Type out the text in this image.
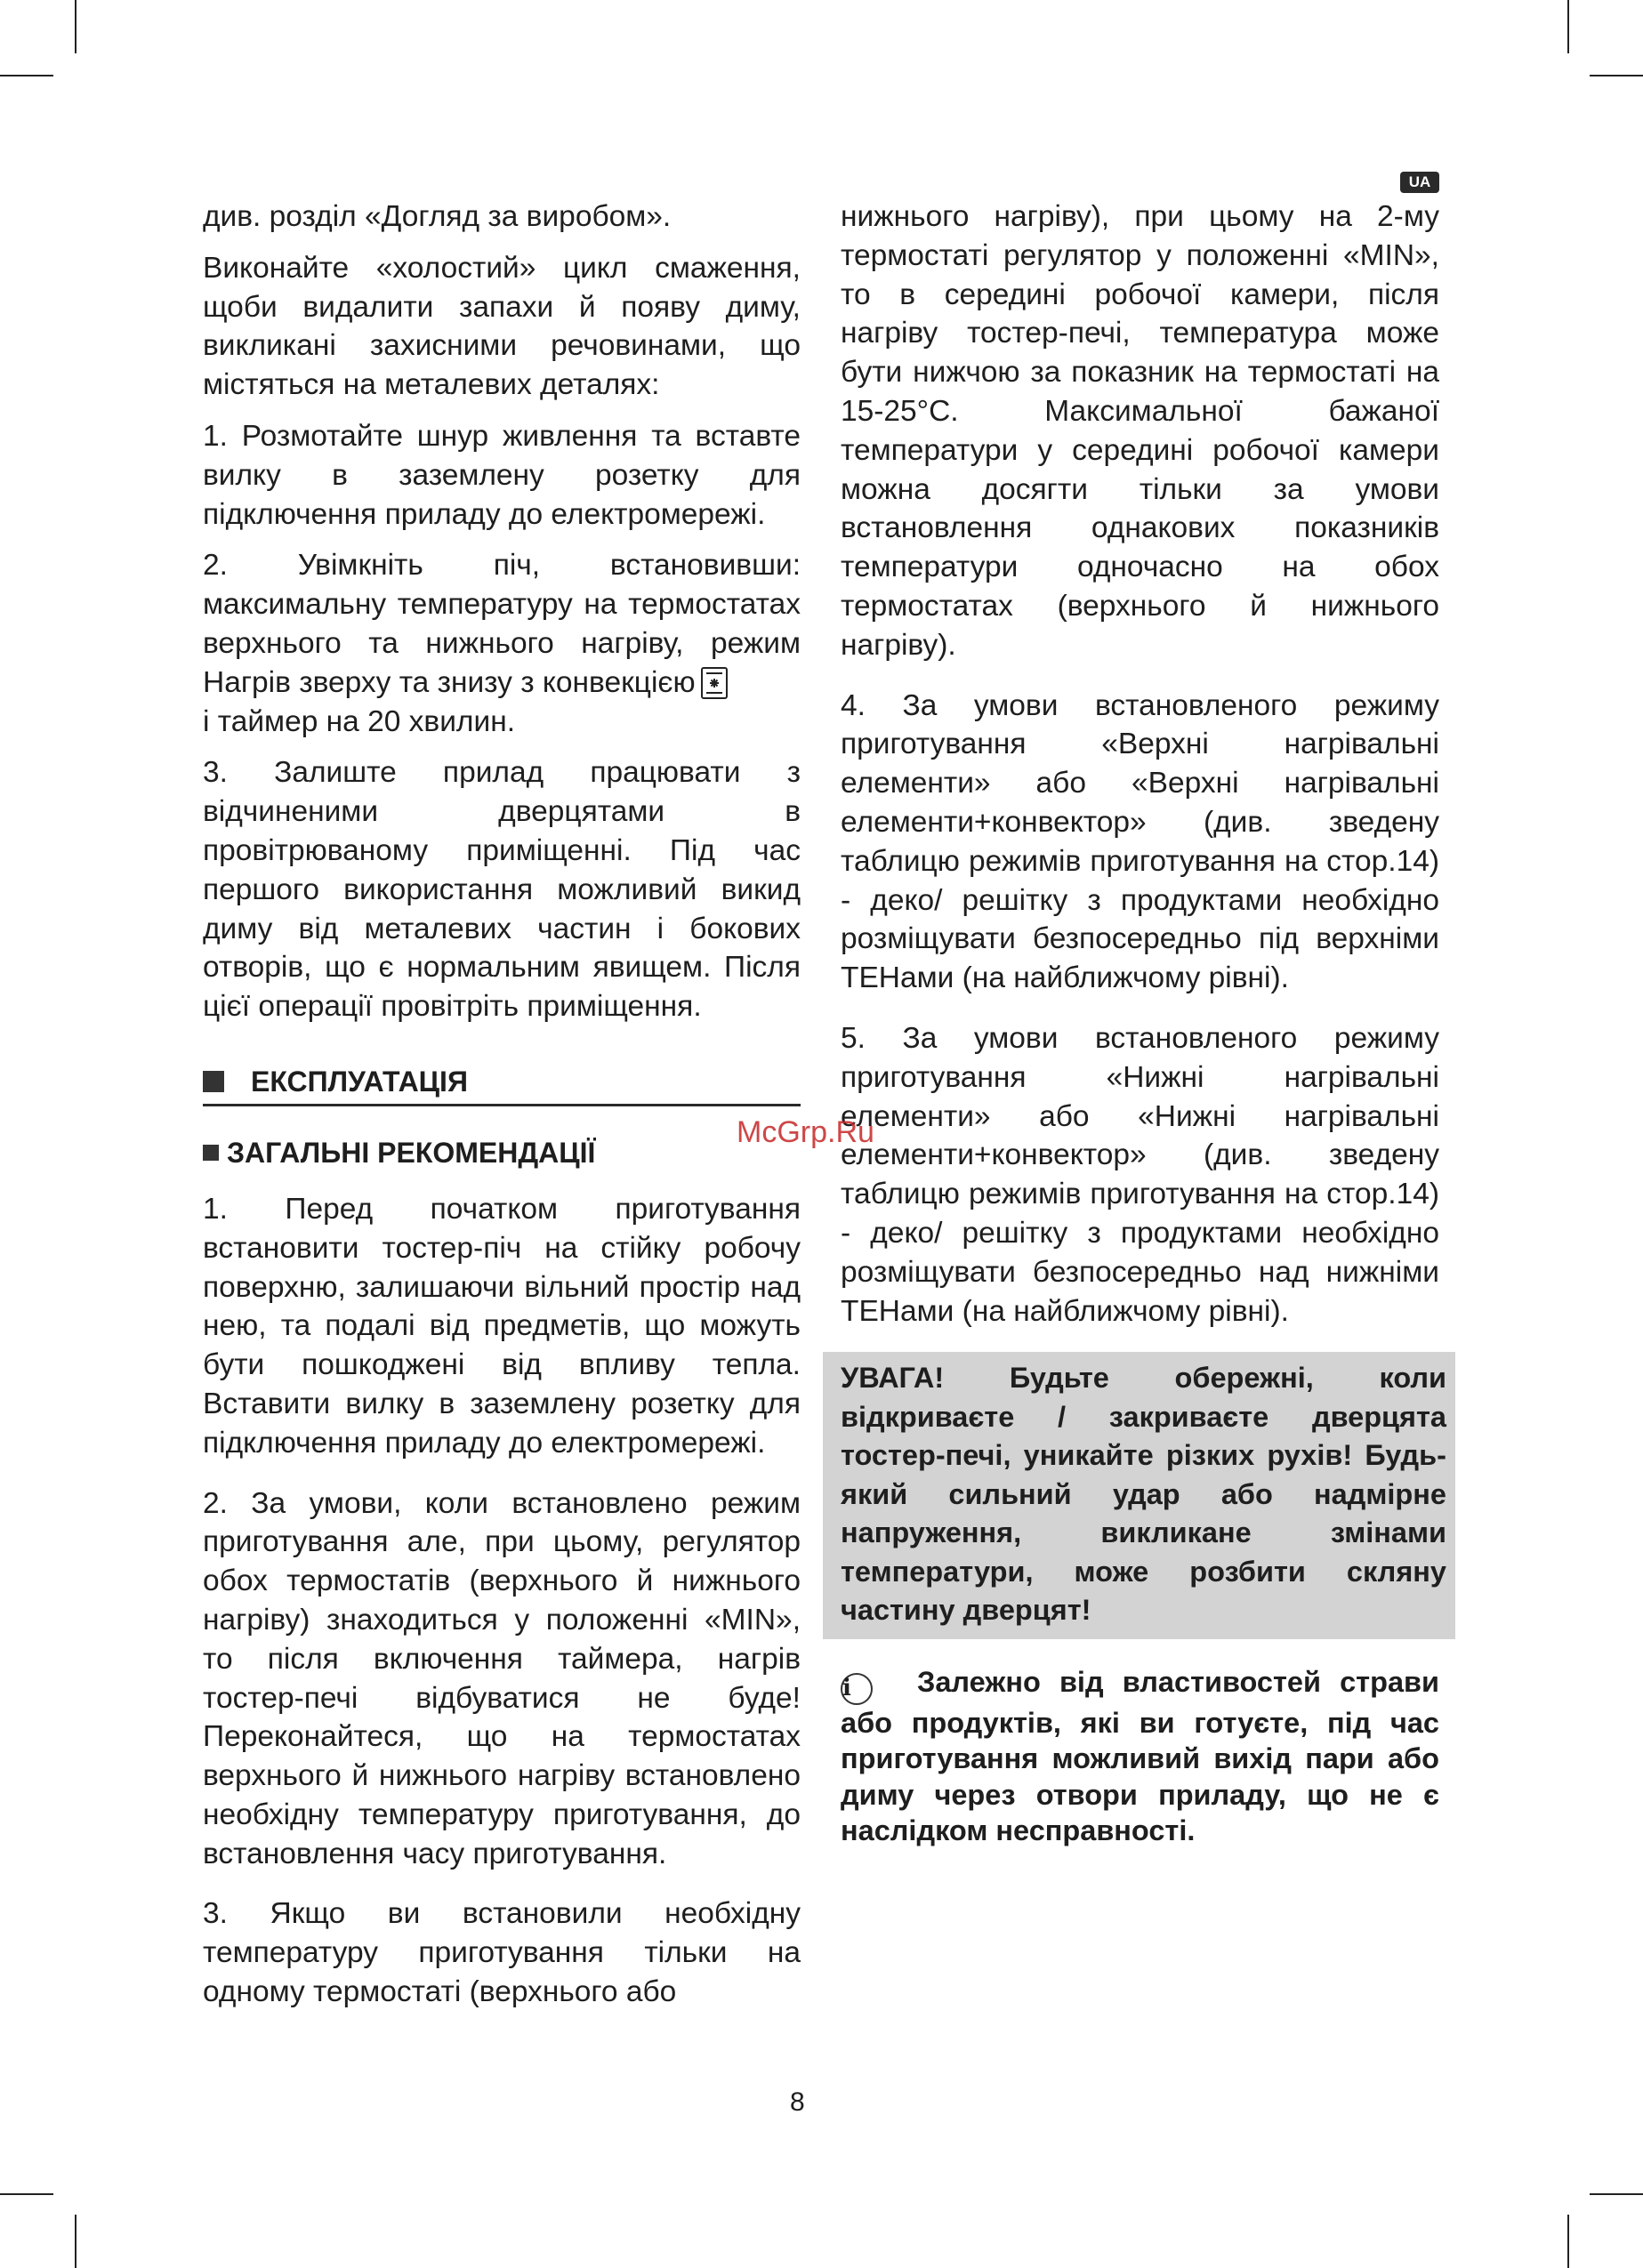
UA

див. розділ «Догляд за виробом».

Виконайте «холостий» цикл смаження, щоби видалити запахи й появу диму, викликані захисними речовинами, що містяться на металевих деталях:

1. Розмотайте шнур живлення та вставте вилку в заземлену розетку для підключення приладу до електромережі.

2. Увімкніть піч, встановивши: максимальну температуру на термостатах верхнього та нижнього нагріву, режим Нагрів зверху та знизу з конвекцією

і таймер на 20 хвилин.

3. Залиште прилад працювати з відчиненими дверцятами в провітрюваному приміщенні. Під час першого використання можливий викид диму від металевих частин і бокових отворів, що є нормальним явищем. Після цієї операції провітріть приміщення.

ЕКСПЛУАТАЦІЯ
ЗАГАЛЬНІ РЕКОМЕНДАЦІЇ

1. Перед початком приготування встановити тостер-піч на стійку робочу поверхню, залишаючи вільний простір над нею, та подалі від предметів, що можуть бути пошкоджені від впливу тепла. Вставити вилку в заземлену розетку для підключення приладу до електромережі.

2. За умови, коли встановлено режим приготування але, при цьому, регулятор обох термостатів (верхнього й нижнього нагріву) знаходиться у положенні «MIN», то після включення таймера, нагрів тостер-печі відбуватися не буде! Переконайтеся, що на термостатах верхнього й нижнього нагріву встановлено необхідну температуру приготування, до встановлення часу приготування.

3. Якщо ви встановили необхідну температуру приготування тільки на одному термостаті (верхнього або

нижнього нагріву), при цьому на 2-му термостаті регулятор у положенні «MIN», то в середині робочої камери, після нагріву тостер-печі, температура може бути нижчою за показник на термостаті на 15-25°C. Максимальної бажаної температури у середині робочої камери можна досягти тільки за умови встановлення однакових показників температури одночасно на обох термостатах (верхнього й нижнього нагріву).

4. За умови встановленого режиму приготування «Верхні нагрівальні елементи» або «Верхні нагрівальні елементи+конвектор» (див. зведену таблицю режимів приготування на стор.14) - деко/ решітку з продуктами необхідно розміщувати безпосередньо під верхніми ТЕНами (на найближчому рівні).

5. За умови встановленого режиму приготування «Нижні нагрівальні елементи» або «Нижні нагрівальні елементи+конвектор» (див. зведену таблицю режимів приготування на стор.14) - деко/ решітку з продуктами необхідно розміщувати безпосередньо над нижніми ТЕНами (на найближчому рівні).

УВАГА! Будьте обережні, коли відкриваєте / закриваєте дверцята тостер-печі, уникайте різких рухів! Будь-який сильний удар або надмірне напруження, викликане змінами температури, може розбити скляну частину дверцят!
i Залежно від властивостей страви або продуктів, які ви готуєте, під час приготування можливий вихід пари або диму через отвори приладу, що не є наслідком несправності.
McGrp.Ru
8
